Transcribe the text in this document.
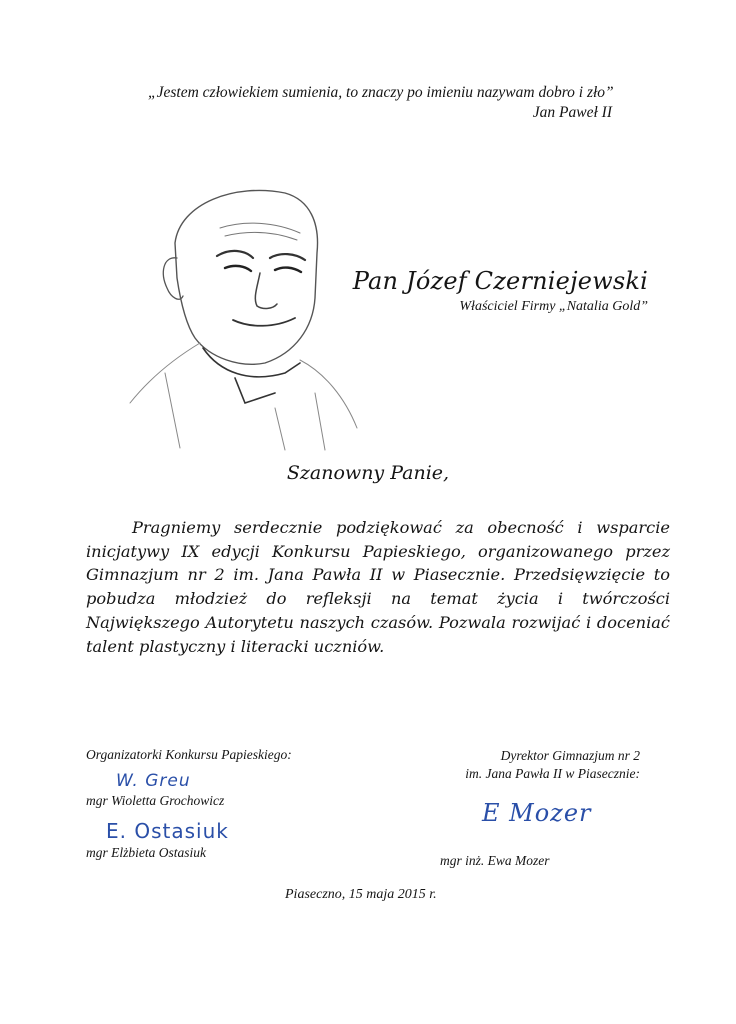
„Jestem człowiekiem sumienia, to znaczy po imieniu nazywam dobro i zło”
Jan Paweł II
Pan Józef Czerniejewski
Właściciel Firmy „Natalia Gold”
Szanowny Panie,
Pragniemy serdecznie podziękować za obecność i wsparcie inicjatywy IX edycji Konkursu Papieskiego, organizowanego przez Gimnazjum nr 2 im. Jana Pawła II w Piasecznie. Przedsięwzięcie to pobudza młodzież do refleksji na temat życia i twórczości Największego Autorytetu naszych czasów. Pozwala rozwijać i doceniać talent plastyczny i literacki uczniów.
Organizatorki Konkursu Papieskiego:
W. Greu
mgr Wioletta Grochowicz
E. Ostasiuk
mgr Elżbieta Ostasiuk
Dyrektor Gimnazjum nr 2
im. Jana Pawła II w Piasecznie:
E Mozer
mgr inż. Ewa Mozer
Piaseczno, 15 maja 2015 r.
